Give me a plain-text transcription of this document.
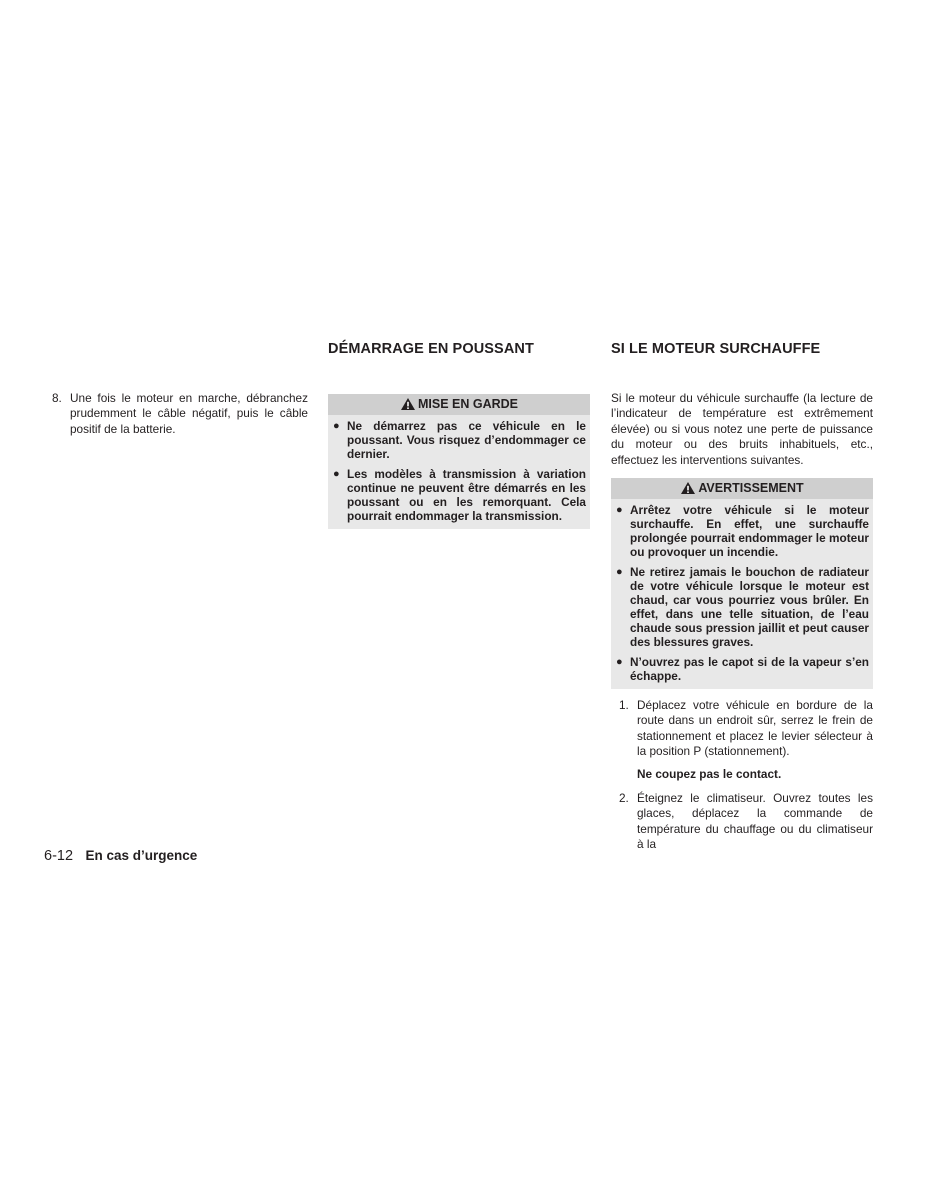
8. Une fois le moteur en marche, débranchez prudemment le câble négatif, puis le câble positif de la batterie.
DÉMARRAGE EN POUSSANT
MISE EN GARDE
● Ne démarrez pas ce véhicule en le poussant. Vous risquez d’endommager ce dernier.
● Les modèles à transmission à variation continue ne peuvent être démarrés en les poussant ou en les remorquant. Cela pourrait endommager la transmission.
SI LE MOTEUR SURCHAUFFE
Si le moteur du véhicule surchauffe (la lecture de l’indicateur de température est extrêmement élevée) ou si vous notez une perte de puissance du moteur ou des bruits inhabituels, etc., effectuez les interventions suivantes.
AVERTISSEMENT
● Arrêtez votre véhicule si le moteur surchauffe. En effet, une surchauffe prolongée pourrait endommager le moteur ou provoquer un incendie.
● Ne retirez jamais le bouchon de radiateur de votre véhicule lorsque le moteur est chaud, car vous pourriez vous brûler. En effet, dans une telle situation, de l’eau chaude sous pression jaillit et peut causer des blessures graves.
● N’ouvrez pas le capot si de la vapeur s’en échappe.
1. Déplacez votre véhicule en bordure de la route dans un endroit sûr, serrez le frein de stationnement et placez le levier sélecteur à la position P (stationnement).
Ne coupez pas le contact.
2. Éteignez le climatiseur. Ouvrez toutes les glaces, déplacez la commande de température du chauffage ou du climatiseur à la
6-12 En cas d’urgence
